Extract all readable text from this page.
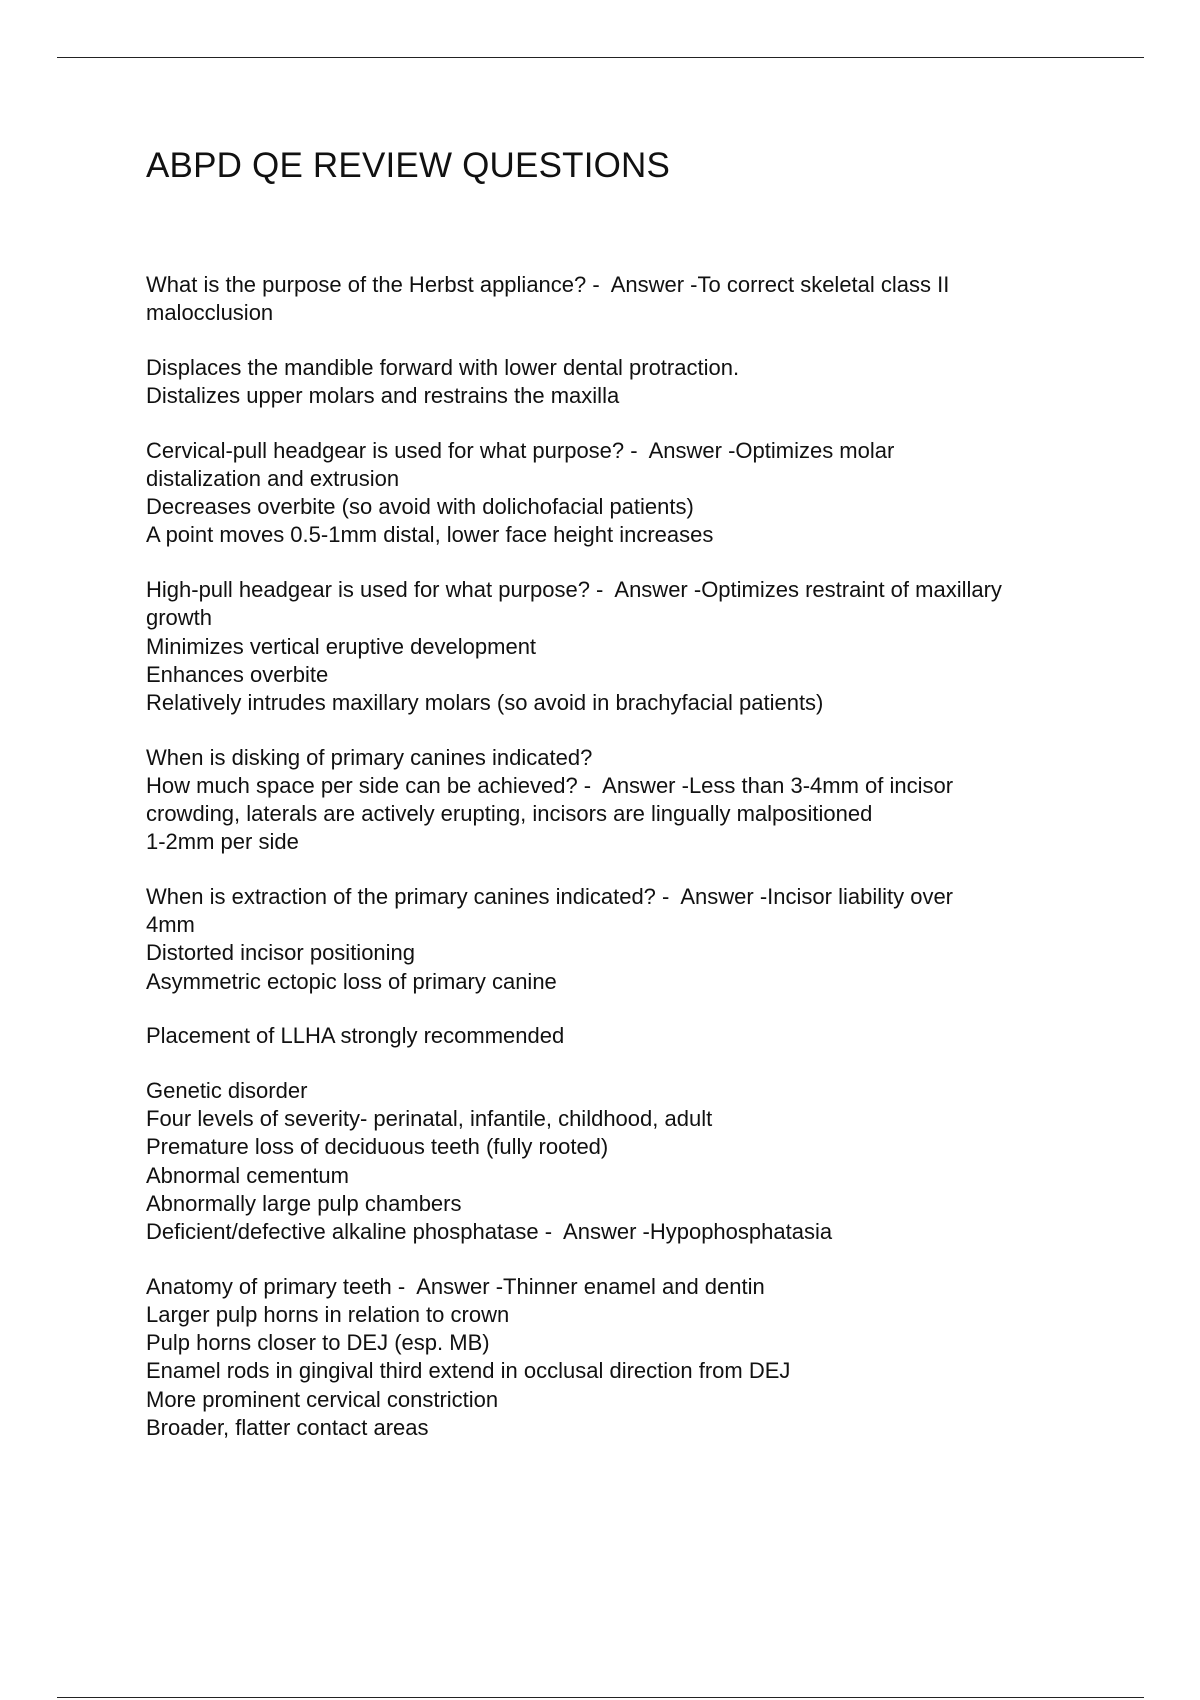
ABPD QE REVIEW QUESTIONS
What is the purpose of the Herbst appliance? -  Answer -To correct skeletal class II
malocclusion
Displaces the mandible forward with lower dental protraction.
Distalizes upper molars and restrains the maxilla
Cervical-pull headgear is used for what purpose? -  Answer -Optimizes molar
distalization and extrusion
Decreases overbite (so avoid with dolichofacial patients)
A point moves 0.5-1mm distal, lower face height increases
High-pull headgear is used for what purpose? -  Answer -Optimizes restraint of maxillary
growth
Minimizes vertical eruptive development
Enhances overbite
Relatively intrudes maxillary molars (so avoid in brachyfacial patients)
When is disking of primary canines indicated?
How much space per side can be achieved? -  Answer -Less than 3-4mm of incisor
crowding, laterals are actively erupting, incisors are lingually malpositioned
1-2mm per side
When is extraction of the primary canines indicated? -  Answer -Incisor liability over
4mm
Distorted incisor positioning
Asymmetric ectopic loss of primary canine
Placement of LLHA strongly recommended
Genetic disorder
Four levels of severity- perinatal, infantile, childhood, adult
Premature loss of deciduous teeth (fully rooted)
Abnormal cementum
Abnormally large pulp chambers
Deficient/defective alkaline phosphatase -  Answer -Hypophosphatasia
Anatomy of primary teeth -  Answer -Thinner enamel and dentin
Larger pulp horns in relation to crown
Pulp horns closer to DEJ (esp. MB)
Enamel rods in gingival third extend in occlusal direction from DEJ
More prominent cervical constriction
Broader, flatter contact areas
